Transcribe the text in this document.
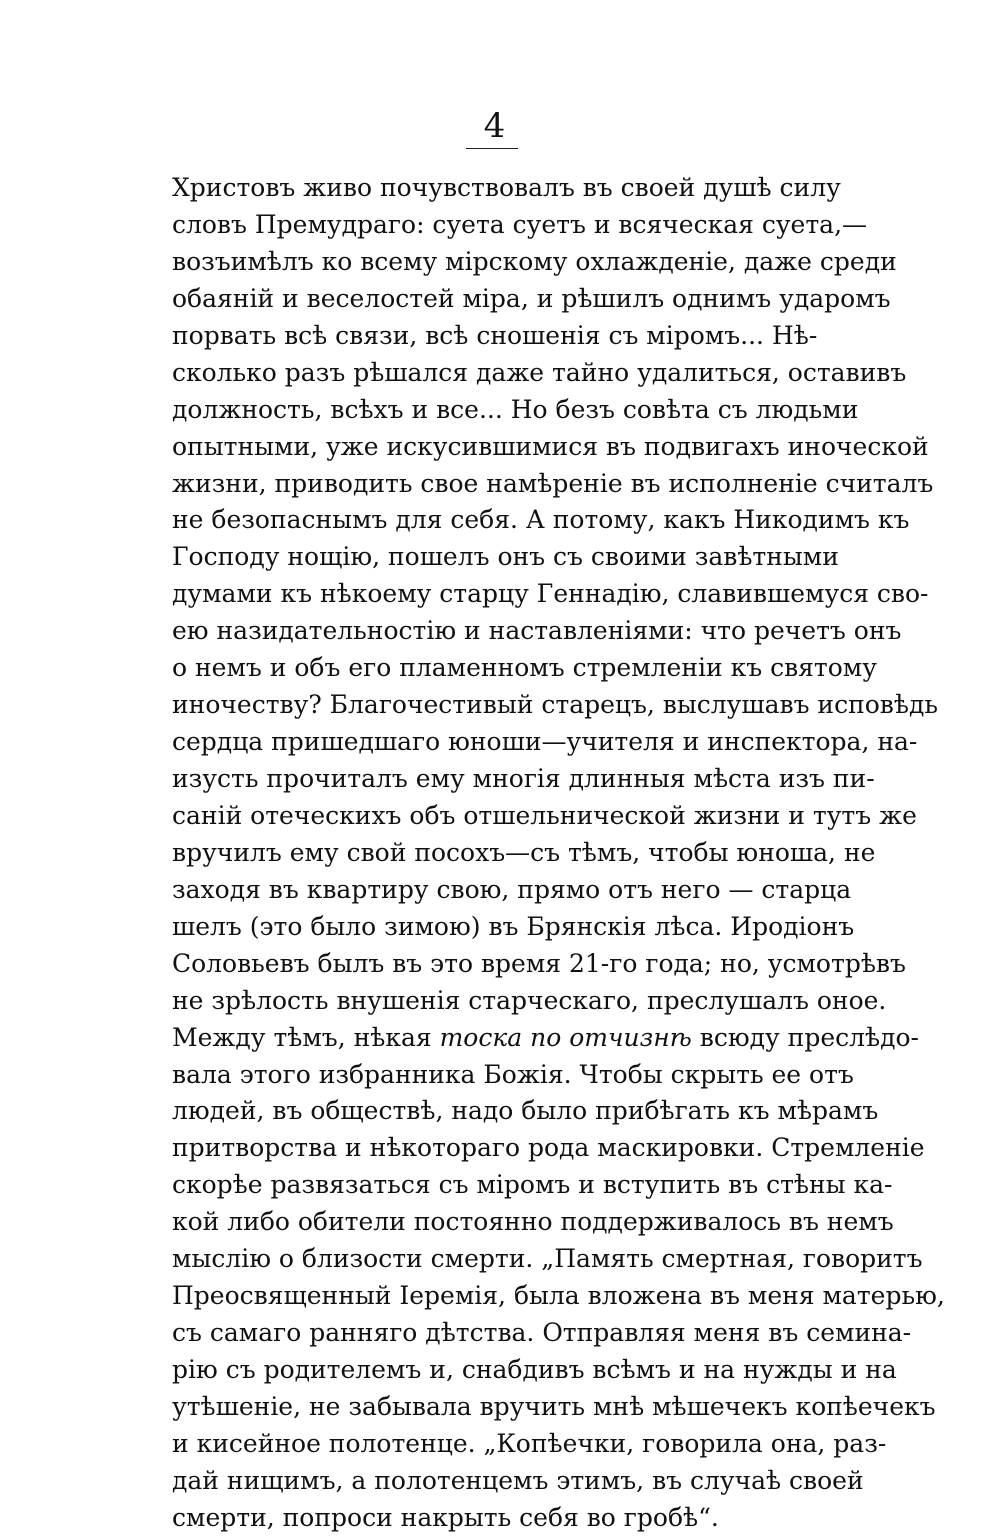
4
Христовъ живо почувствовалъ въ своей душѣ силу
словъ Премудраго: суета суетъ и всяческая суета,—
возъимѣлъ ко всему мірскому охлажденіе, даже среди
обаяній и веселостей міра, и рѣшилъ однимъ ударомъ
порвать всѣ связи, всѣ сношенія съ міромъ... Нѣ-
сколько разъ рѣшался даже тайно удалиться, оставивъ
должность, всѣхъ и все... Но безъ совѣта съ людьми
опытными, уже искусившимися въ подвигахъ иноческой
жизни, приводить свое намѣреніе въ исполненіе считалъ
не безопаснымъ для себя. А потому, какъ Никодимъ къ
Господу нощію, пошелъ онъ съ своими завѣтными
думами къ нѣкоему старцу Геннадію, славившемуся сво-
ею назидательностію и наставленіями: что речетъ онъ
о немъ и объ его пламенномъ стремленіи къ святому
иночеству? Благочестивый старецъ, выслушавъ исповѣдь
сердца пришедшаго юноши—учителя и инспектора, на-
изусть прочиталъ ему многія длинныя мѣста изъ пи-
саній отеческихъ объ отшельнической жизни и тутъ же
вручилъ ему свой посохъ—съ тѣмъ, чтобы юноша, не
заходя въ квартиру свою, прямо отъ него — старца
шелъ (это было зимою) въ Брянскія лѣса. Иродіонъ
Соловьевъ былъ въ это время 21-го года; но, усмотрѣвъ
не зрѣлость внушенія старческаго, преслушалъ оное.
Между тѣмъ, нѣкая тоска по отчизнѣ всюду преслѣдо-
вала этого избранника Божія. Чтобы скрыть ее отъ
людей, въ обществѣ, надо было прибѣгать къ мѣрамъ
притворства и нѣкотораго рода маскировки. Стремленіе
скорѣе развязаться съ міромъ и вступить въ стѣны ка-
кой либо обители постоянно поддерживалось въ немъ
мыслію о близости смерти. „Память смертная, говоритъ
Преосвященный Іеремія, была вложена въ меня матерью,
съ самаго ранняго дѣтства. Отправляя меня въ семина-
рію съ родителемъ и, снабдивъ всѣмъ и на нужды и на
утѣшеніе, не забывала вручить мнѣ мѣшечекъ копѣечекъ
и кисейное полотенце. „Копѣечки, говорила она, раз-
дай нищимъ, а полотенцемъ этимъ, въ случаѣ своей
смерти, попроси накрыть себя во гробѣ“.
